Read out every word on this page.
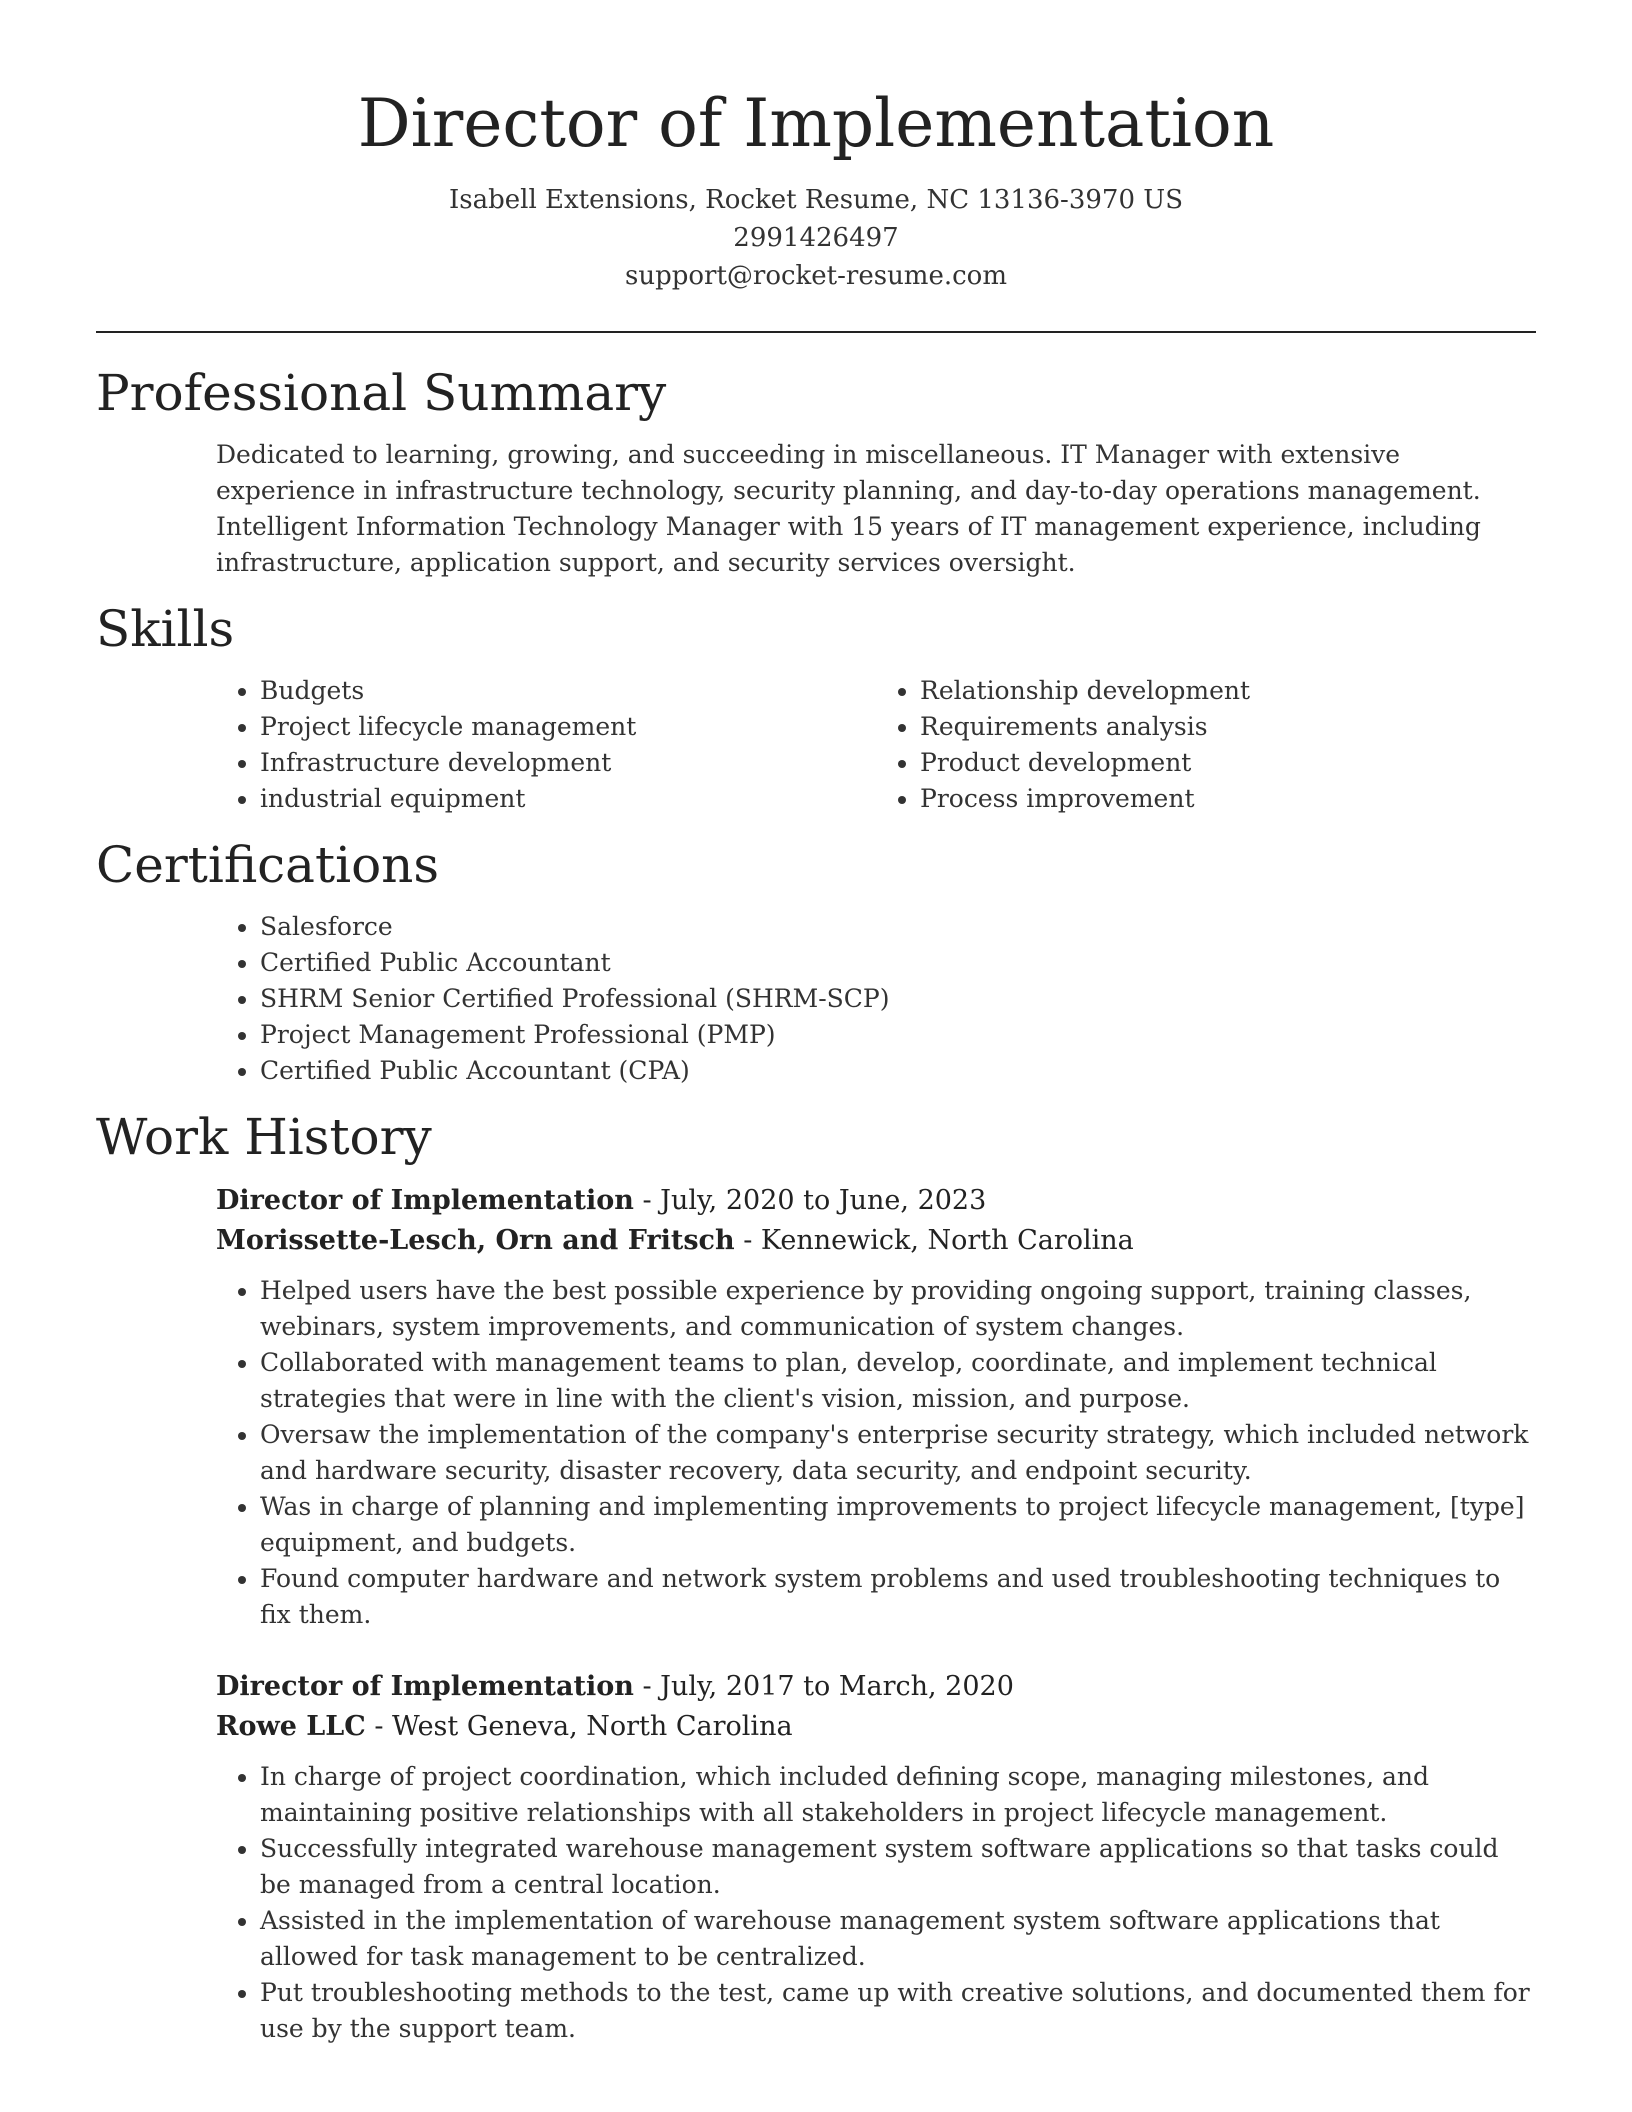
Director of Implementation
Isabell Extensions, Rocket Resume, NC 13136-3970 US
2991426497
support@rocket-resume.com
Professional Summary

Dedicated to learning, growing, and succeeding in miscellaneous. IT Manager with extensive experience in infrastructure technology, security planning, and day-to-day operations management. Intelligent Information Technology Manager with 15 years of IT management experience, including infrastructure, application support, and security services oversight.

Skills
• Budgets
• Project lifecycle management
• Infrastructure development
• industrial equipment
• Relationship development
• Requirements analysis
• Product development
• Process improvement
Certifications
• Salesforce
• Certified Public Accountant
• SHRM Senior Certified Professional (SHRM-SCP)
• Project Management Professional (PMP)
• Certified Public Accountant (CPA)
Work History
Director of Implementation - July, 2020 to June, 2023
Morissette-Lesch, Orn and Fritsch - Kennewick, North Carolina
• Helped users have the best possible experience by providing ongoing support, training classes, webinars, system improvements, and communication of system changes.
• Collaborated with management teams to plan, develop, coordinate, and implement technical strategies that were in line with the client's vision, mission, and purpose.
• Oversaw the implementation of the company's enterprise security strategy, which included network and hardware security, disaster recovery, data security, and endpoint security.
• Was in charge of planning and implementing improvements to project lifecycle management, [type] equipment, and budgets.
• Found computer hardware and network system problems and used troubleshooting techniques to fix them.
Director of Implementation - July, 2017 to March, 2020
Rowe LLC - West Geneva, North Carolina
• In charge of project coordination, which included defining scope, managing milestones, and maintaining positive relationships with all stakeholders in project lifecycle management.
• Successfully integrated warehouse management system software applications so that tasks could be managed from a central location.
• Assisted in the implementation of warehouse management system software applications that allowed for task management to be centralized.
• Put troubleshooting methods to the test, came up with creative solutions, and documented them for use by the support team.
